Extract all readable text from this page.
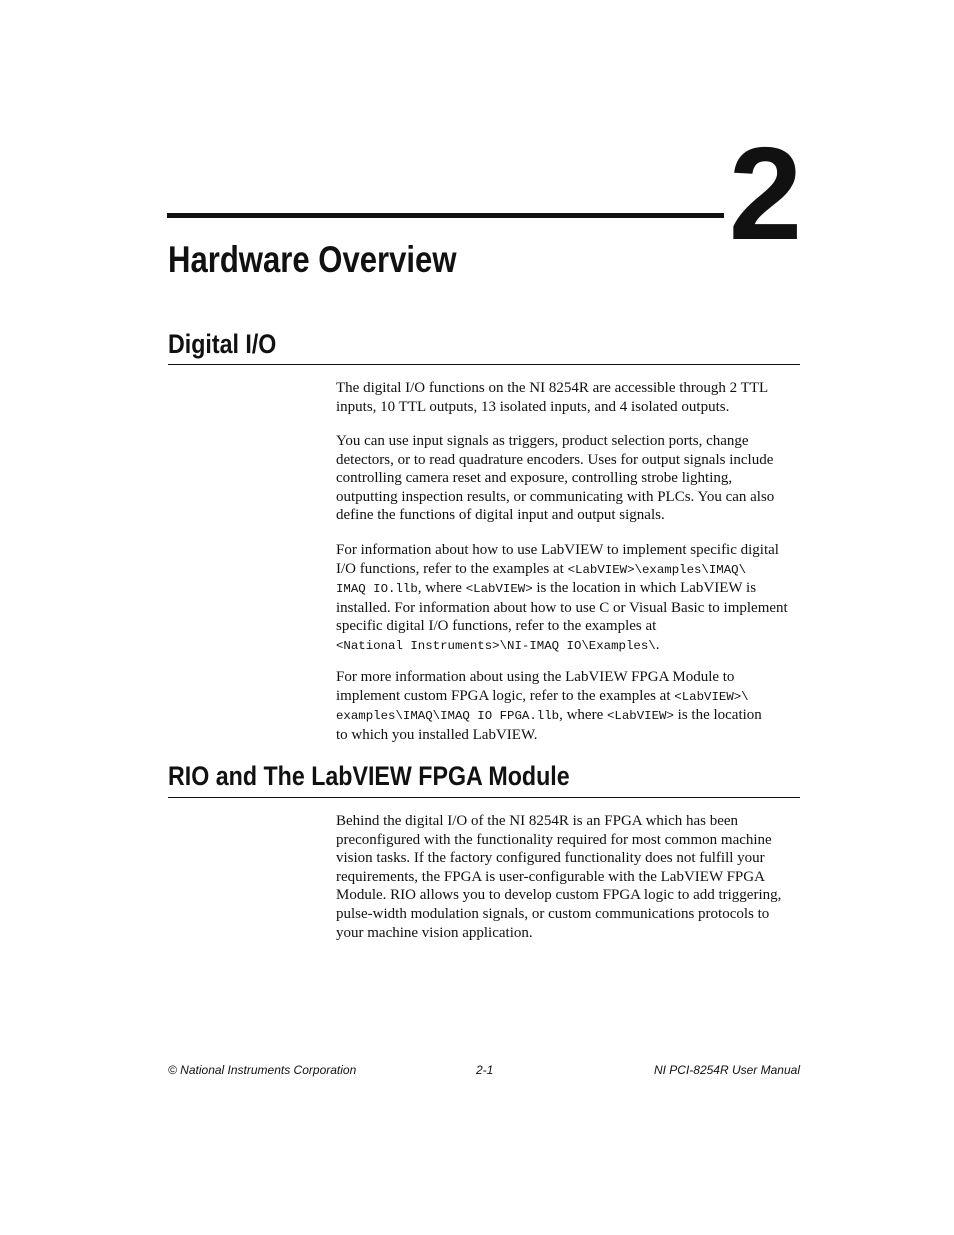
2
Hardware Overview
Digital I/O

The digital I/O functions on the NI 8254R are accessible through 2 TTL
inputs, 10 TTL outputs, 13 isolated inputs, and 4 isolated outputs.

You can use input signals as triggers, product selection ports, change
detectors, or to read quadrature encoders. Uses for output signals include
controlling camera reset and exposure, controlling strobe lighting,
outputting inspection results, or communicating with PLCs. You can also
define the functions of digital input and output signals.

For information about how to use LabVIEW to implement specific digital
I/O functions, refer to the examples at <LabVIEW>\examples\IMAQ\
IMAQ IO.llb, where <LabVIEW> is the location in which LabVIEW is
installed. For information about how to use C or Visual Basic to implement
specific digital I/O functions, refer to the examples at
<National Instruments>\NI-IMAQ IO\Examples\.

For more information about using the LabVIEW FPGA Module to
implement custom FPGA logic, refer to the examples at <LabVIEW>\
examples\IMAQ\IMAQ IO FPGA.llb, where <LabVIEW> is the location
to which you installed LabVIEW.

RIO and The LabVIEW FPGA Module

Behind the digital I/O of the NI 8254R is an FPGA which has been
preconfigured with the functionality required for most common machine
vision tasks. If the factory configured functionality does not fulfill your
requirements, the FPGA is user-configurable with the LabVIEW FPGA
Module. RIO allows you to develop custom FPGA logic to add triggering,
pulse-width modulation signals, or custom communications protocols to
your machine vision application.

© National Instruments Corporation	2-1	NI PCI-8254R User Manual
